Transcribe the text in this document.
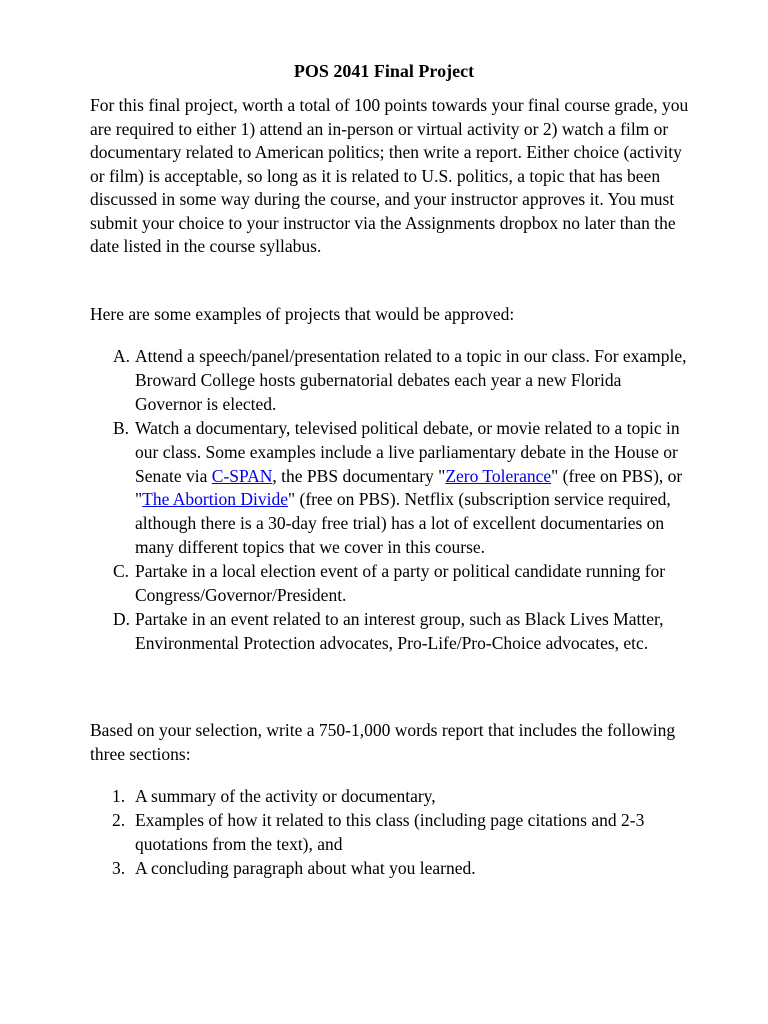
POS 2041 Final Project

For this final project, worth a total of 100 points towards your final course grade, you are required to either 1) attend an in-person or virtual activity or 2) watch a film or documentary related to American politics; then write a report. Either choice (activity or film) is acceptable, so long as it is related to U.S. politics, a topic that has been discussed in some way during the course, and your instructor approves it. You must submit your choice to your instructor via the Assignments dropbox no later than the date listed in the course syllabus.

Here are some examples of projects that would be approved:

A. Attend a speech/panel/presentation related to a topic in our class. For example, Broward College hosts gubernatorial debates each year a new Florida Governor is elected.
B. Watch a documentary, televised political debate, or movie related to a topic in our class. Some examples include a live parliamentary debate in the House or Senate via C-SPAN, the PBS documentary "Zero Tolerance" (free on PBS), or "The Abortion Divide" (free on PBS). Netflix (subscription service required, although there is a 30-day free trial) has a lot of excellent documentaries on many different topics that we cover in this course.
C. Partake in a local election event of a party or political candidate running for Congress/Governor/President.
D. Partake in an event related to an interest group, such as Black Lives Matter, Environmental Protection advocates, Pro-Life/Pro-Choice advocates, etc.

Based on your selection, write a 750-1,000 words report that includes the following three sections:

1. A summary of the activity or documentary,
2. Examples of how it related to this class (including page citations and 2-3 quotations from the text), and
3. A concluding paragraph about what you learned.
